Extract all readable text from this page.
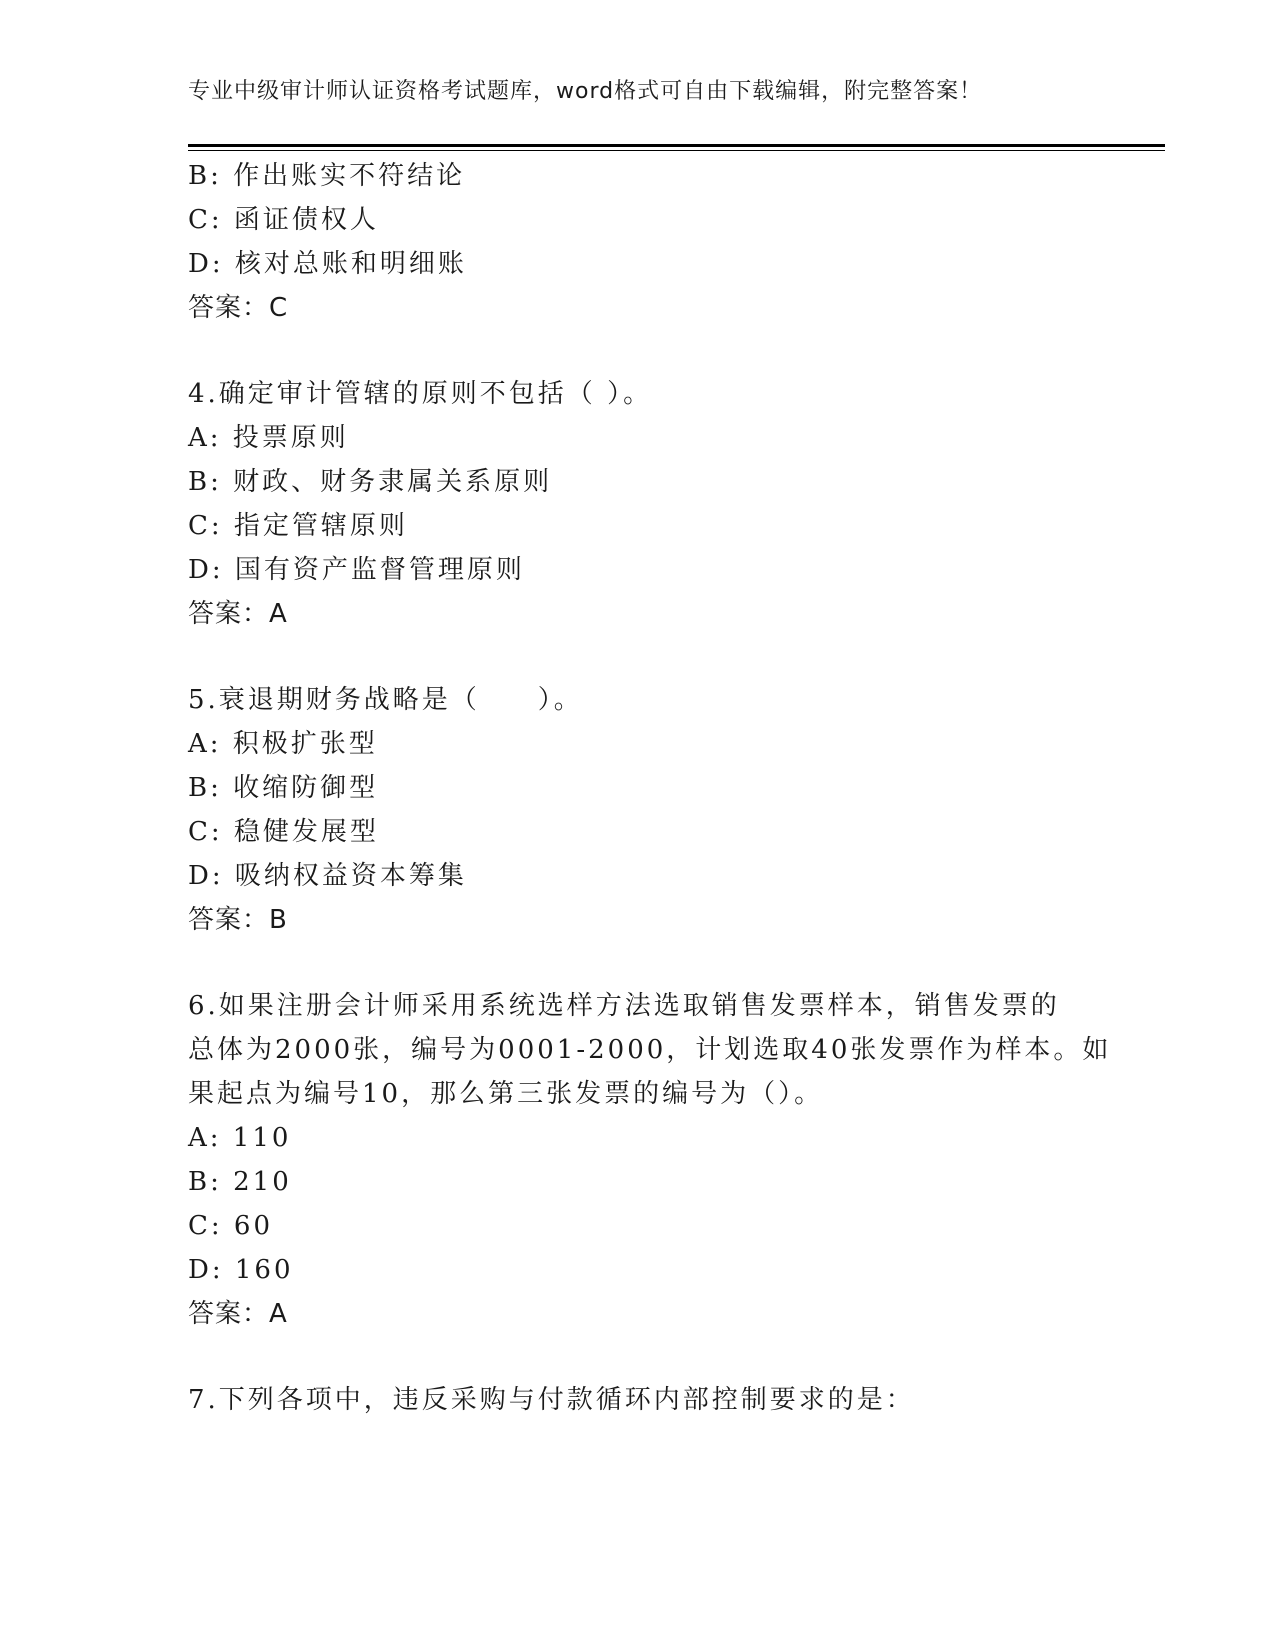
专业中级审计师认证资格考试题库，word格式可自由下载编辑，附完整答案！
B: 作出账实不符结论
C: 函证债权人
D: 核对总账和明细账
答案：C
4.确定审计管辖的原则不包括（ ）。
A: 投票原则
B: 财政、财务隶属关系原则
C: 指定管辖原则
D: 国有资产监督管理原则
答案：A
5.衰退期财务战略是（　　）。
A: 积极扩张型
B: 收缩防御型
C: 稳健发展型
D: 吸纳权益资本筹集
答案：B
6.如果注册会计师采用系统选样方法选取销售发票样本，销售发票的
总体为2000张，编号为0001-2000，计划选取40张发票作为样本。如
果起点为编号10，那么第三张发票的编号为（）。
A: 110
B: 210
C: 60
D: 160
答案：A
7.下列各项中，违反采购与付款循环内部控制要求的是：
